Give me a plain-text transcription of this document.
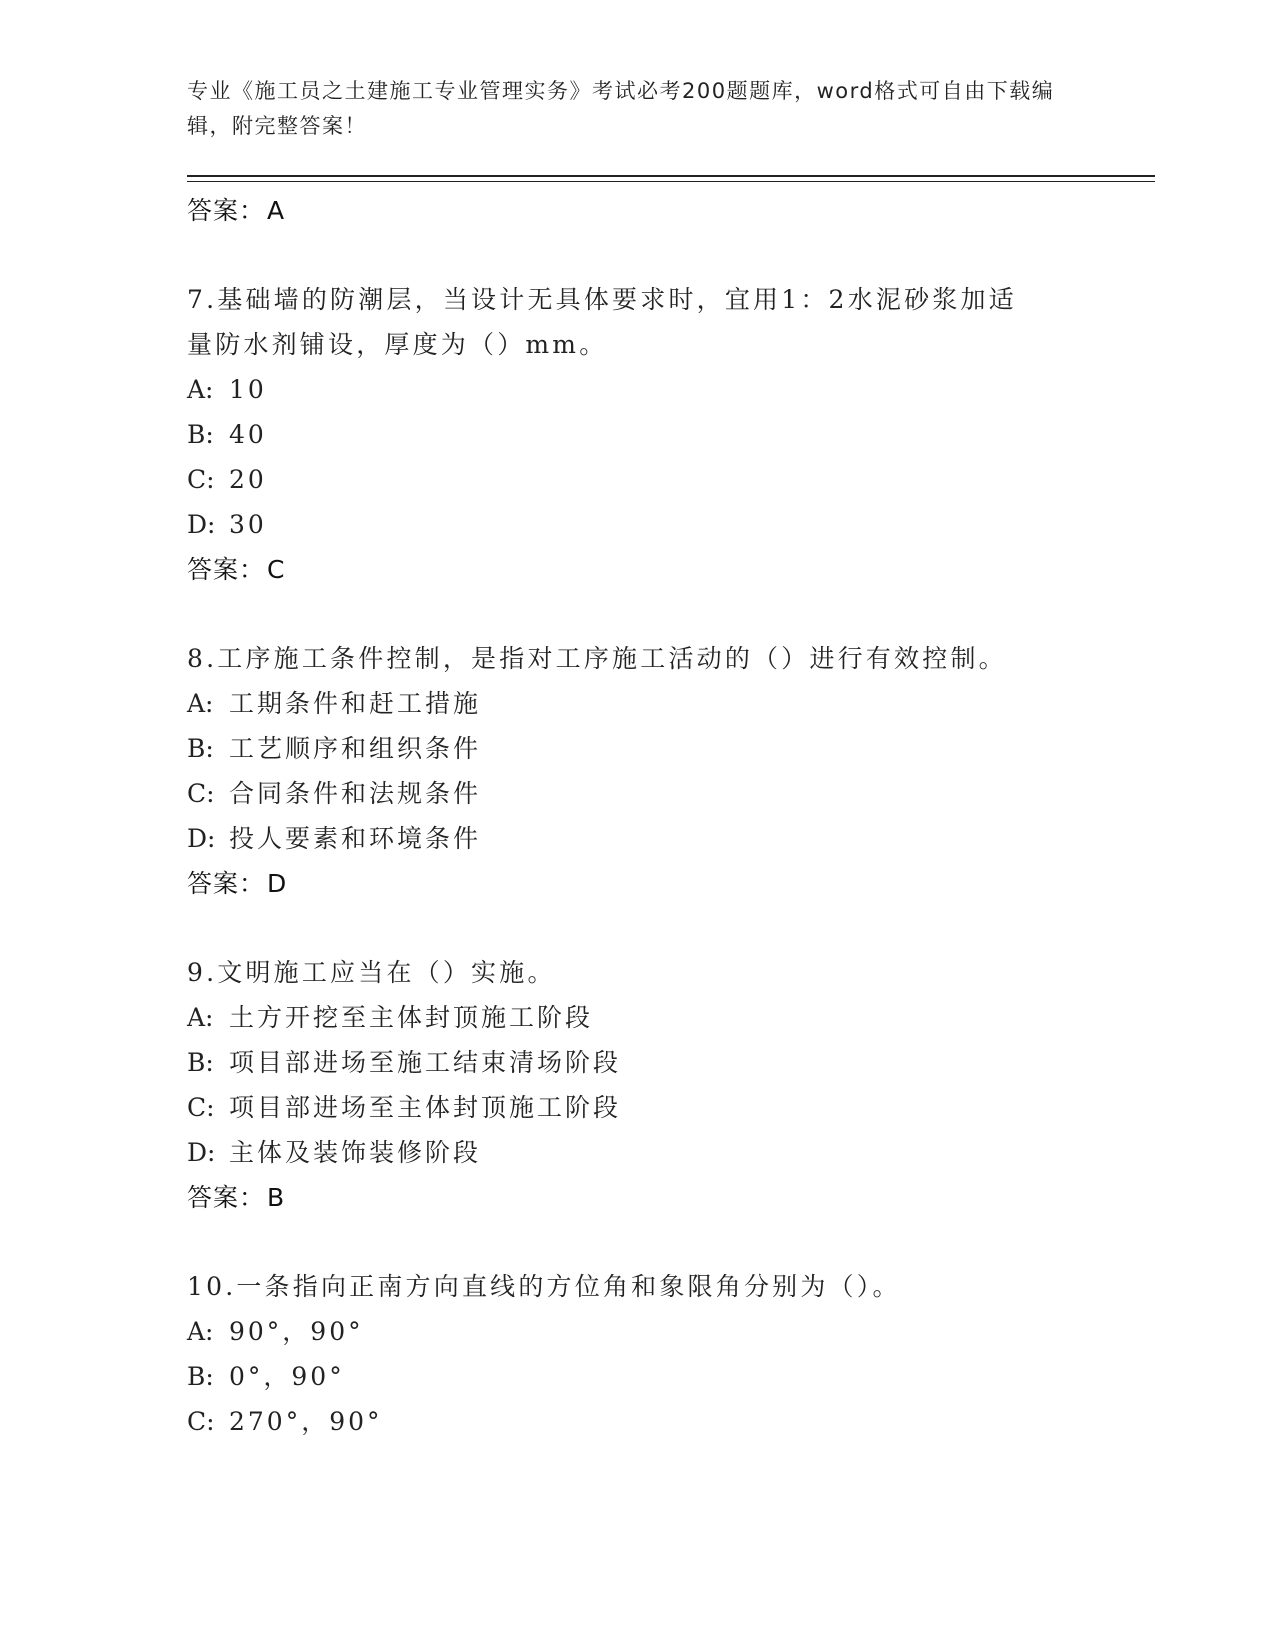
专业《施工员之土建施工专业管理实务》考试必考200题题库，word格式可自由下载编辑，附完整答案！
答案：A
7.基础墙的防潮层，当设计无具体要求时，宜用1：2水泥砂浆加适量防水剂铺设，厚度为（）mm。
A: 10
B: 40
C: 20
D: 30
答案：C
8.工序施工条件控制，是指对工序施工活动的（）进行有效控制。
A: 工期条件和赶工措施
B: 工艺顺序和组织条件
C: 合同条件和法规条件
D: 投人要素和环境条件
答案：D
9.文明施工应当在（）实施。
A: 土方开挖至主体封顶施工阶段
B: 项目部进场至施工结束清场阶段
C: 项目部进场至主体封顶施工阶段
D: 主体及装饰装修阶段
答案：B
10.一条指向正南方向直线的方位角和象限角分别为（）。
A: 90°，90°
B: 0°，90°
C: 270°，90°
